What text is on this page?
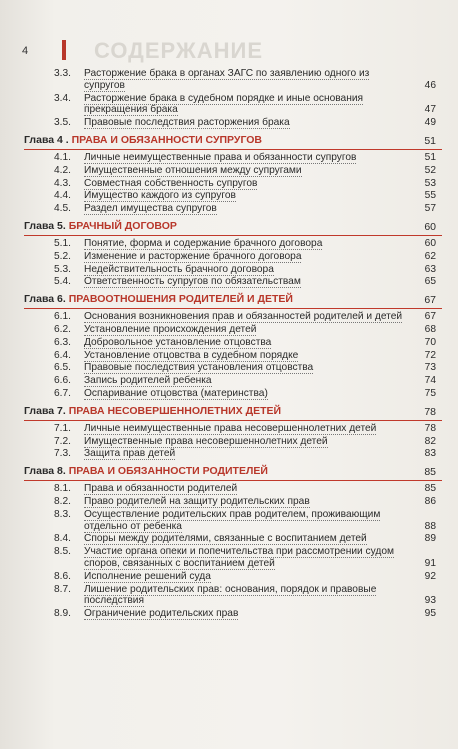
4	СОДЕРЖАНИЕ
3.3.	Расторжение брака в органах ЗАГС по заявлению одного из супругов	46
3.4.	Расторжение брака в судебном порядке и иные основания прекращения брака	47
3.5.	Правовые последствия расторжения брака	49
Глава 4 . ПРАВА И ОБЯЗАННОСТИ СУПРУГОВ	51
4.1.	Личные неимущественные права и обязанности супругов	51
4.2.	Имущественные отношения между супругами	52
4.3.	Совместная собственность супругов	53
4.4.	Имущество каждого из супругов	55
4.5.	Раздел имущества супругов	57
Глава 5. БРАЧНЫЙ ДОГОВОР	60
5.1.	Понятие, форма и содержание брачного договора	60
5.2.	Изменение и расторжение брачного договора	62
5.3.	Недействительность брачного договора	63
5.4.	Ответственность супругов по обязательствам	65
Глава 6. ПРАВООТНОШЕНИЯ РОДИТЕЛЕЙ И ДЕТЕЙ	67
6.1.	Основания возникновения прав и обязанностей родителей и детей	67
6.2.	Установление происхождения детей	68
6.3.	Добровольное установление отцовства	70
6.4.	Установление отцовства в судебном порядке	72
6.5.	Правовые последствия установления отцовства	73
6.6.	Запись родителей ребенка	74
6.7.	Оспаривание отцовства (материнства)	75
Глава 7. ПРАВА НЕСОВЕРШЕННОЛЕТНИХ ДЕТЕЙ	78
7.1.	Личные неимущественные права несовершеннолетних детей	78
7.2.	Имущественные права несовершеннолетних детей	82
7.3.	Защита прав детей	83
Глава 8. ПРАВА И ОБЯЗАННОСТИ РОДИТЕЛЕЙ	85
8.1.	Права и обязанности родителей	85
8.2.	Право родителей на защиту родительских прав	86
8.3.	Осуществление родительских прав родителем, проживающим отдельно от ребенка	88
8.4.	Споры между родителями, связанные с воспитанием детей	89
8.5.	Участие органа опеки и попечительства при рассмотрении судом споров, связанных с воспитанием детей	91
8.6.	Исполнение решений суда	92
8.7.	Лишение родительских прав: основания, порядок и правовые последствия	93
8.9.	Ограничение родительских прав	95
